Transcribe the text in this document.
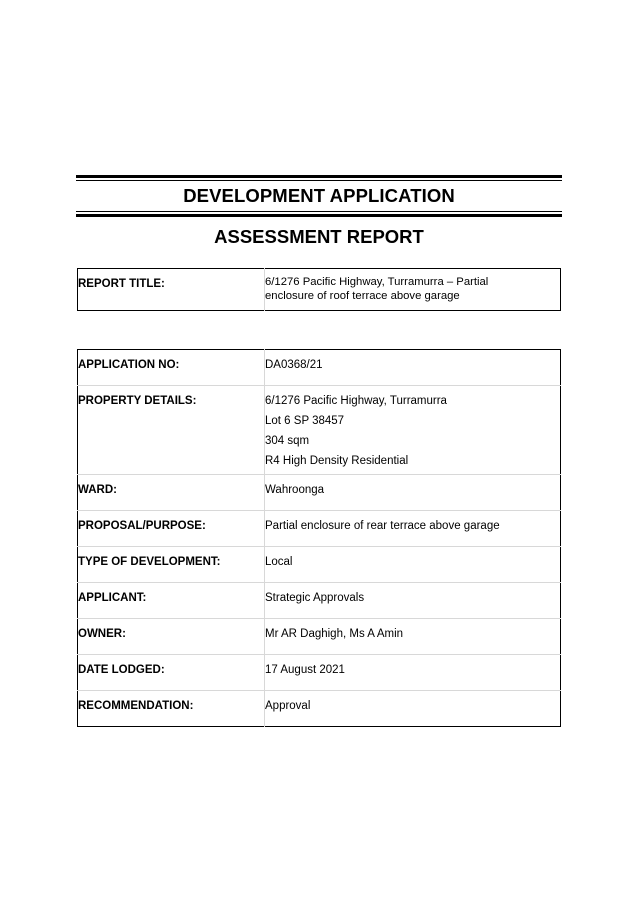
DEVELOPMENT APPLICATION
ASSESSMENT REPORT
REPORT TITLE:	6/1276 Pacific Highway, Turramurra – Partial
enclosure of roof terrace above garage
APPLICATION NO:	DA0368/21
PROPERTY DETAILS:	6/1276 Pacific Highway, Turramurra
Lot 6 SP 38457
304 sqm
R4 High Density Residential

WARD:	Wahroonga
PROPOSAL/PURPOSE:	Partial enclosure of rear terrace above garage
TYPE OF DEVELOPMENT:	Local
APPLICANT:	Strategic Approvals
OWNER:	Mr AR Daghigh, Ms A Amin
DATE LODGED:	17 August 2021
RECOMMENDATION:	Approval
